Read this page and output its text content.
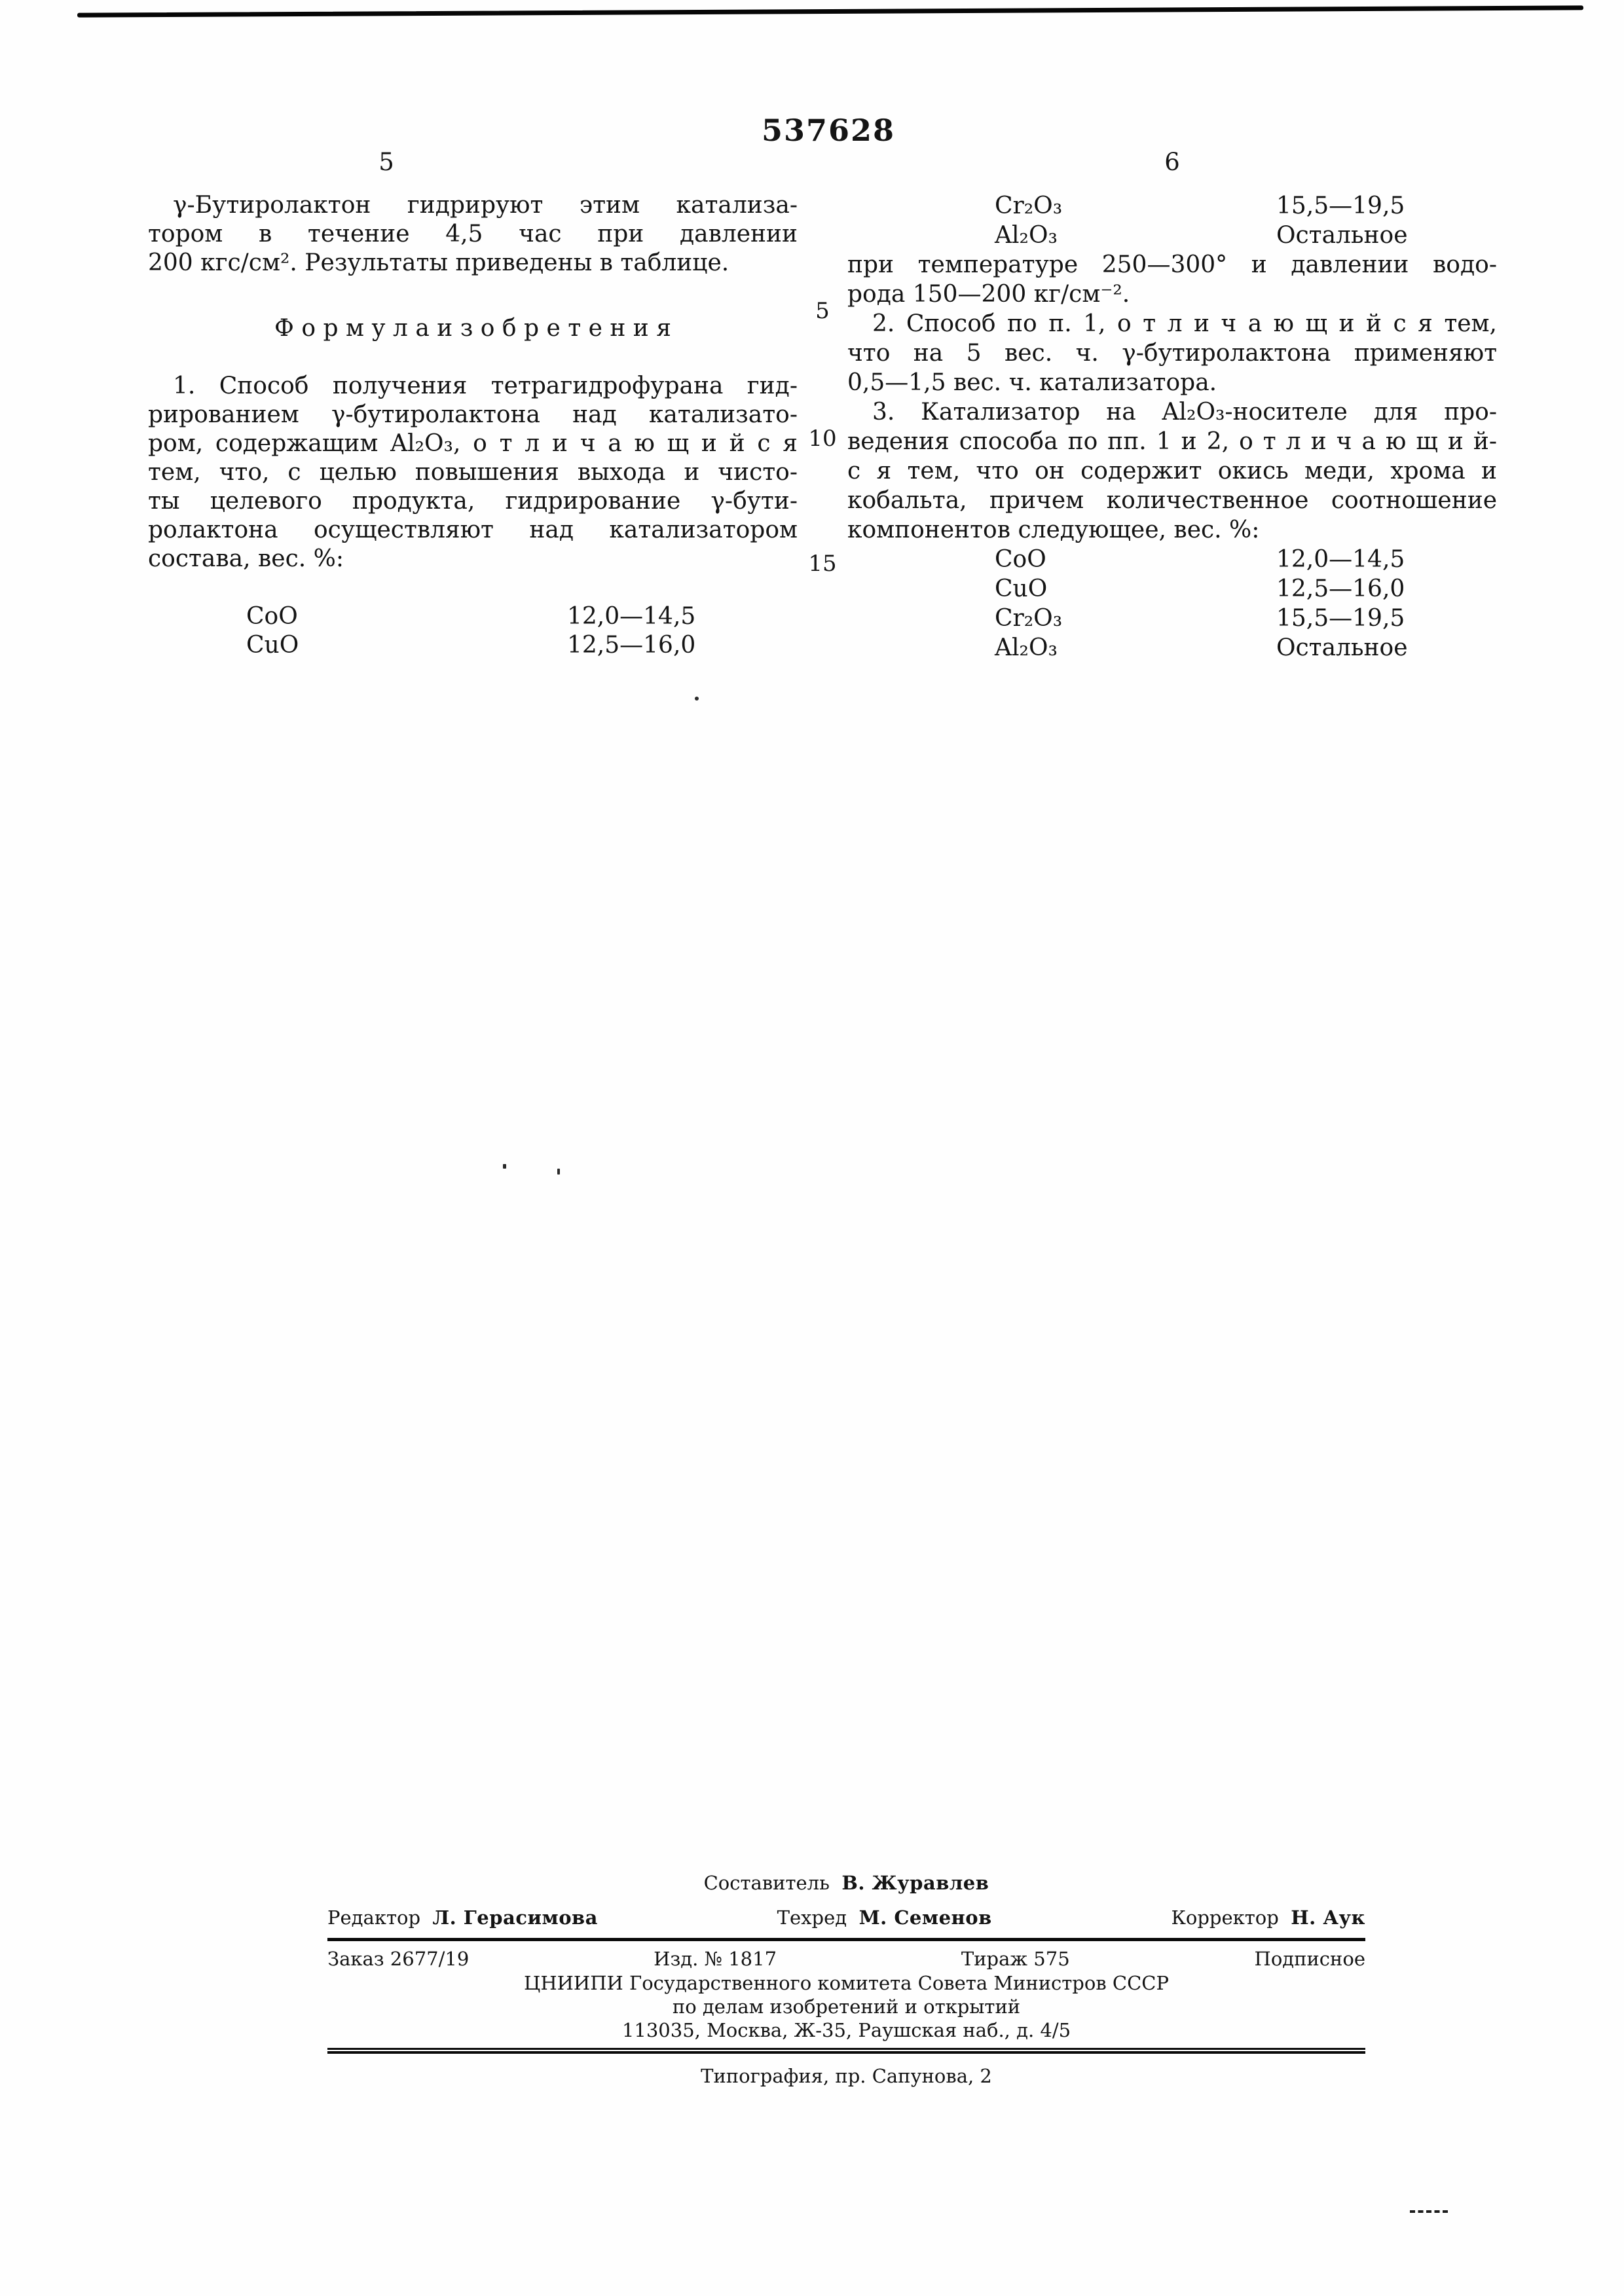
537628
5	6
5
10
15
γ-Бутиролактон гидрируют этим катализа-
тором в течение 4,5 час при давлении
200 кгс/см². Результаты приведены в таблице.
Ф о р м у л а и з о б р е т е н и я
1. Способ получения тетрагидрофурана гид-
рированием γ-бутиролактона над катализато-
ром, содержащим Al₂O₃, о т л и ч а ю щ и й с я
тем, что, с целью повышения выхода и чисто-
ты целевого продукта, гидрирование γ-бути-
ролактона осуществляют над катализатором
состава, вес. %:
CoO	12,0—14,5
CuO	12,5—16,0
Cr₂O₃	15,5—19,5
Al₂O₃	Остальное
при температуре 250—300° и давлении водо-
рода 150—200 кг/см⁻².
2. Способ по п. 1, о т л и ч а ю щ и й с я тем,
что на 5 вес. ч. γ-бутиролактона применяют
0,5—1,5 вес. ч. катализатора.
3. Катализатор на Al₂O₃-носителе для про-
ведения способа по пп. 1 и 2, о т л и ч а ю щ и й-
с я тем, что он содержит окись меди, хрома и
кобальта, причем количественное соотношение
компонентов следующее, вес. %:
CoO	12,0—14,5
CuO	12,5—16,0
Cr₂O₃	15,5—19,5
Al₂O₃	Остальное
Составитель В. Журавлев
Редактор Л. Герасимова	Техред М. Семенов	Корректор Н. Аук
Заказ 2677/19	Изд. № 1817	Тираж 575	Подписное
ЦНИИПИ Государственного комитета Совета Министров СССР
по делам изобретений и открытий
113035, Москва, Ж-35, Раушская наб., д. 4/5
Типография, пр. Сапунова, 2
